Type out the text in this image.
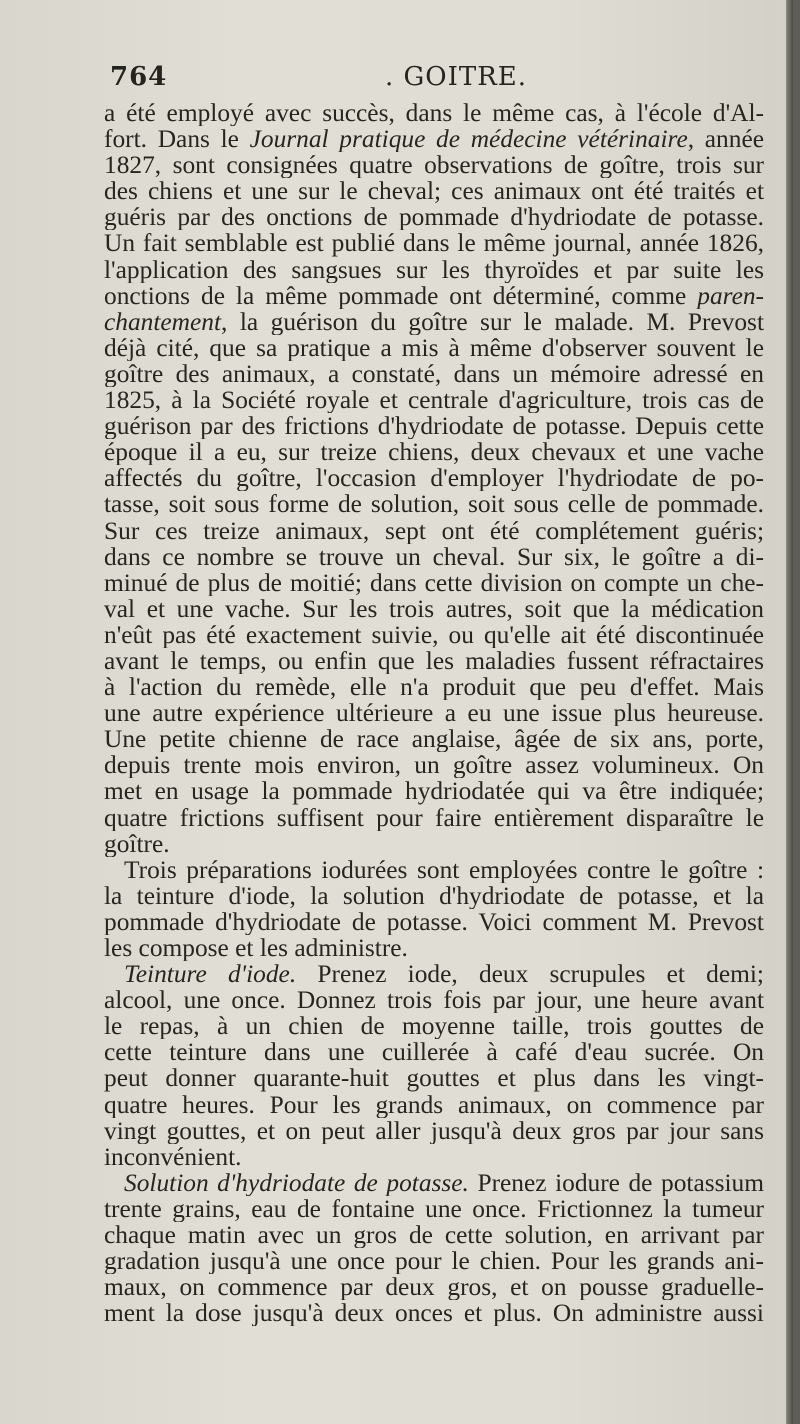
764	. GOITRE.
a été employé avec succès, dans le même cas, à l'école d'Al-
fort. Dans le Journal pratique de médecine vétérinaire, année
1827, sont consignées quatre observations de goître, trois sur
des chiens et une sur le cheval; ces animaux ont été traités et
guéris par des onctions de pommade d'hydriodate de potasse.
Un fait semblable est publié dans le même journal, année 1826,
l'application des sangsues sur les thyroïdes et par suite les
onctions de la même pommade ont déterminé, comme paren-
chantement, la guérison du goître sur le malade. M. Prevost
déjà cité, que sa pratique a mis à même d'observer souvent le
goître des animaux, a constaté, dans un mémoire adressé en
1825, à la Société royale et centrale d'agriculture, trois cas de
guérison par des frictions d'hydriodate de potasse. Depuis cette
époque il a eu, sur treize chiens, deux chevaux et une vache
affectés du goître, l'occasion d'employer l'hydriodate de po-
tasse, soit sous forme de solution, soit sous celle de pommade.
Sur ces treize animaux, sept ont été complétement guéris;
dans ce nombre se trouve un cheval. Sur six, le goître a di-
minué de plus de moitié; dans cette division on compte un che-
val et une vache. Sur les trois autres, soit que la médication
n'eût pas été exactement suivie, ou qu'elle ait été discontinuée
avant le temps, ou enfin que les maladies fussent réfractaires
à l'action du remède, elle n'a produit que peu d'effet. Mais
une autre expérience ultérieure a eu une issue plus heureuse.
Une petite chienne de race anglaise, âgée de six ans, porte,
depuis trente mois environ, un goître assez volumineux. On
met en usage la pommade hydriodatée qui va être indiquée;
quatre frictions suffisent pour faire entièrement disparaître le
goître.
Trois préparations iodurées sont employées contre le goître :
la teinture d'iode, la solution d'hydriodate de potasse, et la
pommade d'hydriodate de potasse. Voici comment M. Prevost
les compose et les administre.
Teinture d'iode. Prenez iode, deux scrupules et demi;
alcool, une once. Donnez trois fois par jour, une heure avant
le repas, à un chien de moyenne taille, trois gouttes de
cette teinture dans une cuillerée à café d'eau sucrée. On
peut donner quarante-huit gouttes et plus dans les vingt-
quatre heures. Pour les grands animaux, on commence par
vingt gouttes, et on peut aller jusqu'à deux gros par jour sans
inconvénient.
Solution d'hydriodate de potasse. Prenez iodure de potassium
trente grains, eau de fontaine une once. Frictionnez la tumeur
chaque matin avec un gros de cette solution, en arrivant par
gradation jusqu'à une once pour le chien. Pour les grands ani-
maux, on commence par deux gros, et on pousse graduelle-
ment la dose jusqu'à deux onces et plus. On administre aussi
